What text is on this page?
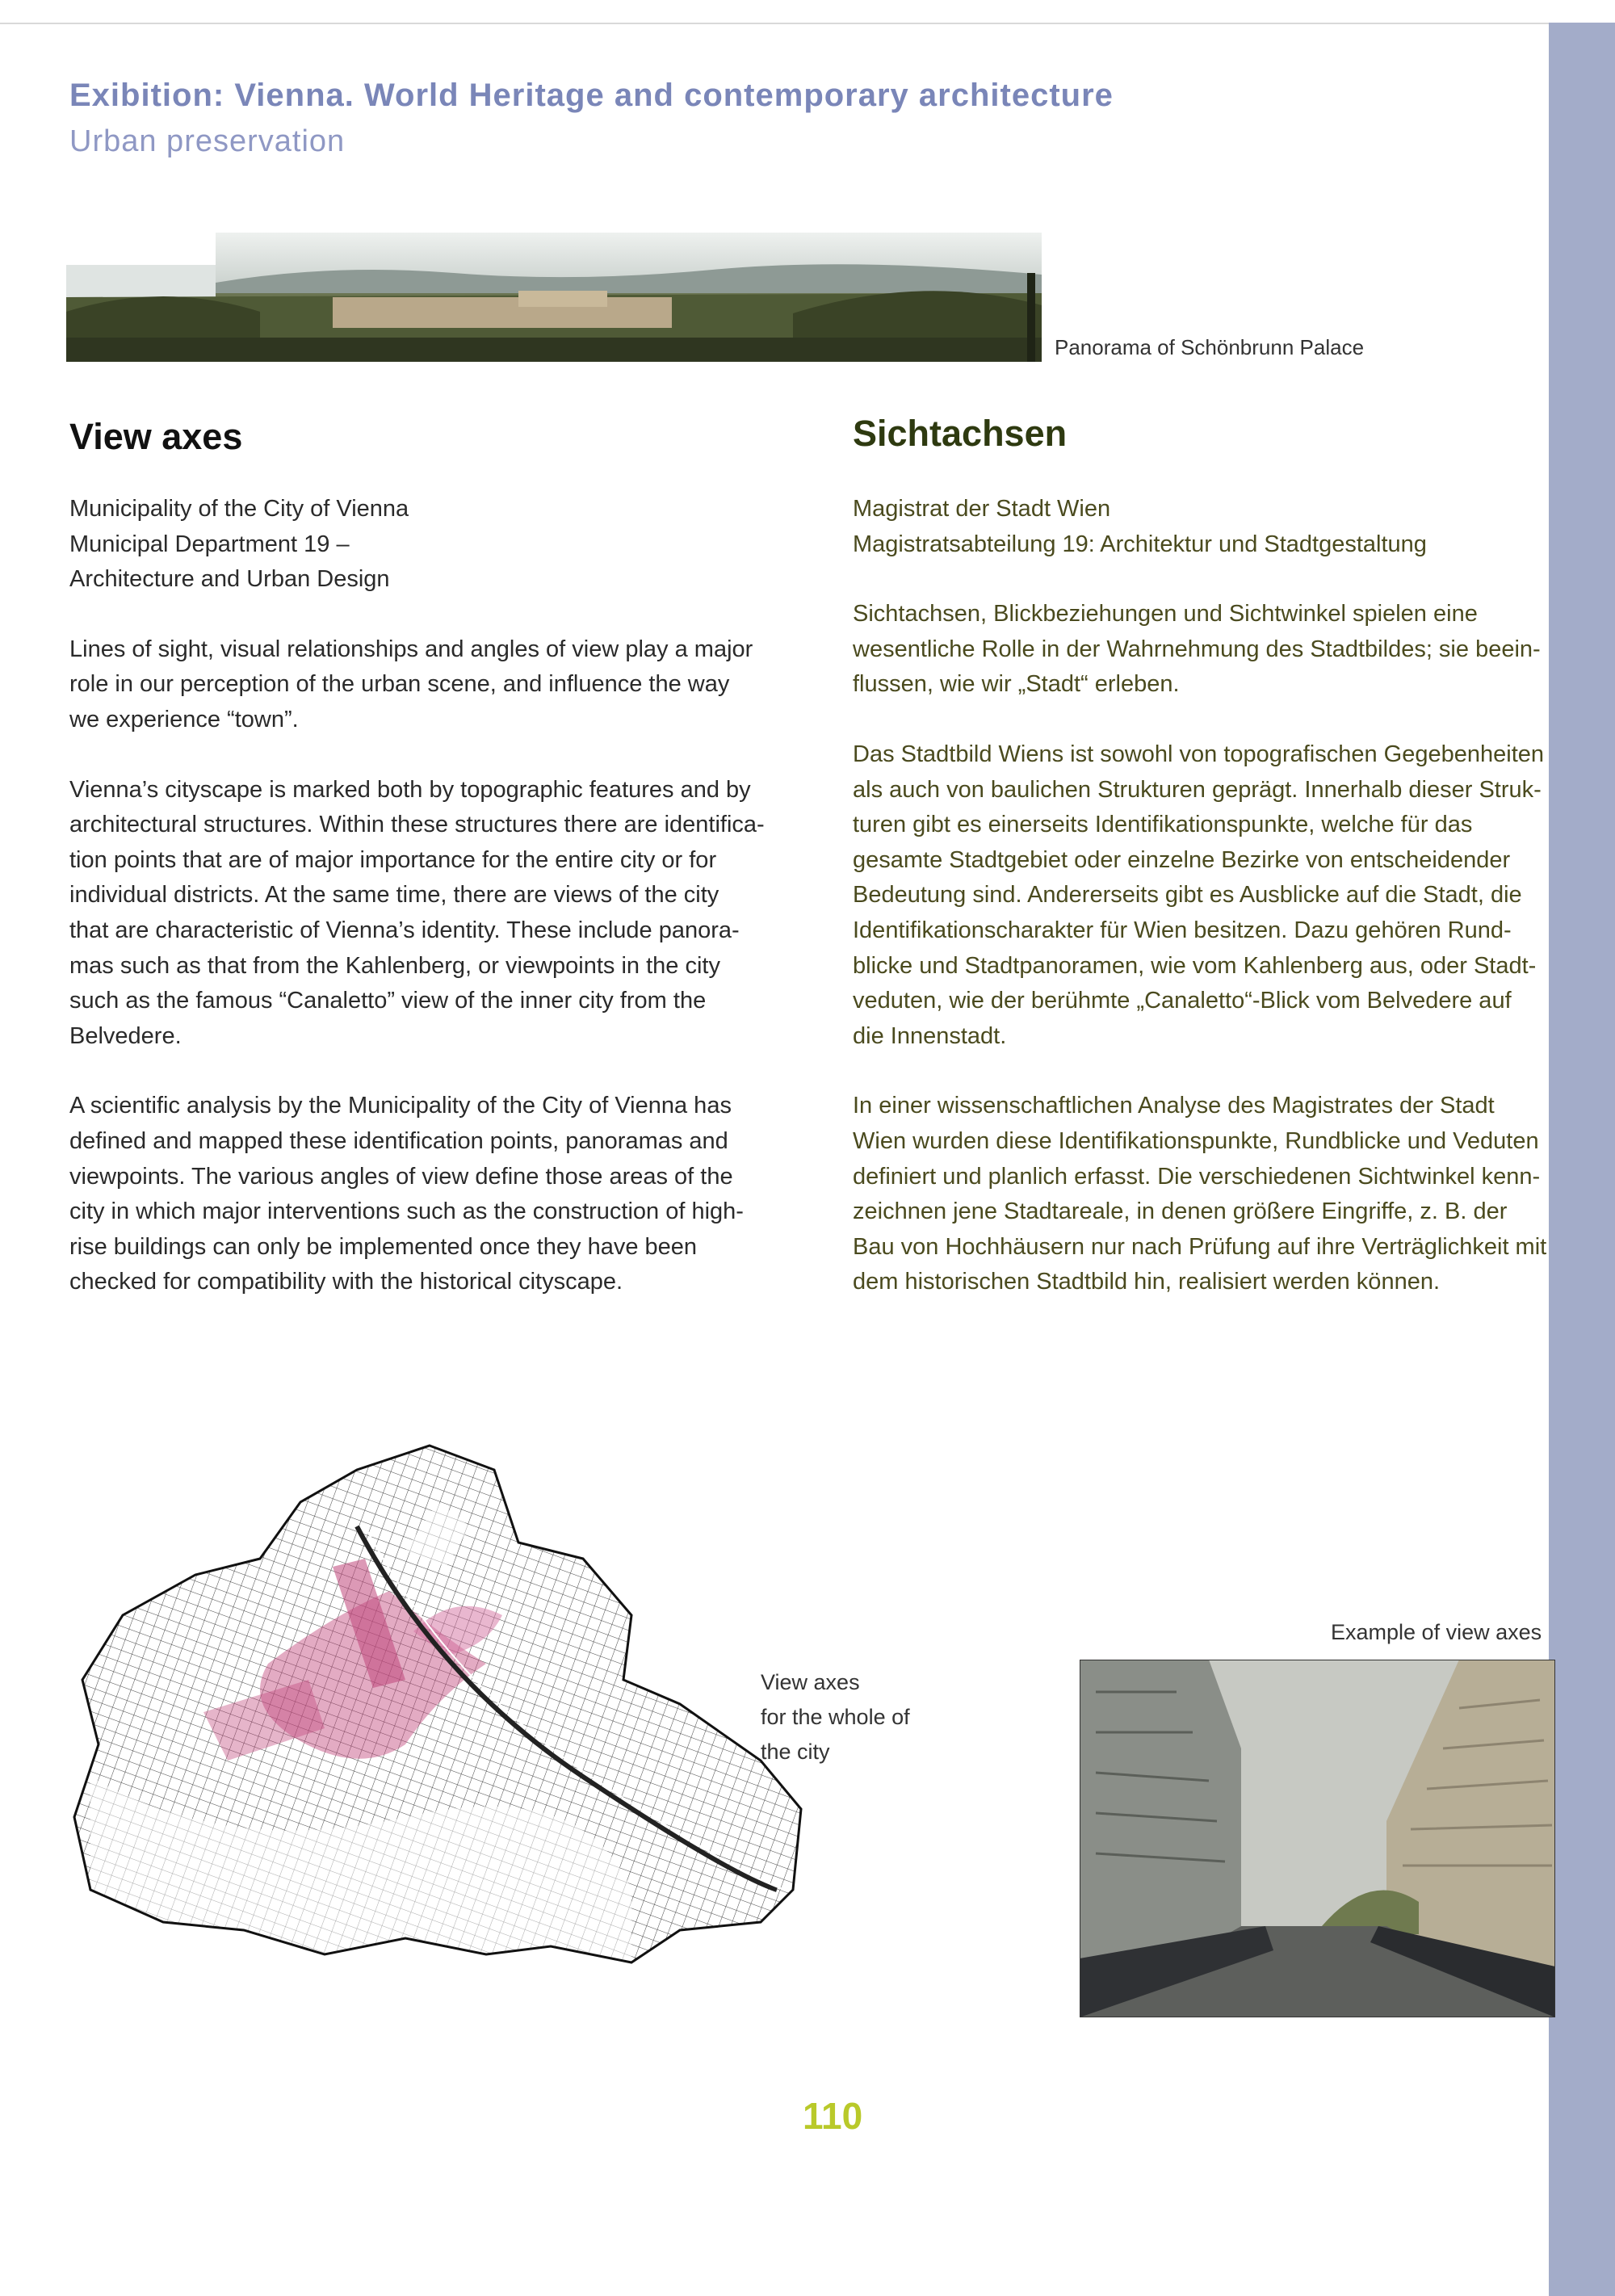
Exibition: Vienna. World Heritage and contemporary architecture
Urban preservation
Panorama of Schönbrunn Palace
View axes	Sichtachsen

Municipality of the City of Vienna
Municipal Department 19 –
Architecture and Urban Design

Lines of sight, visual relationships and angles of view play a major
role in our perception of the urban scene, and influence the way
we experience “town”.

Vienna’s cityscape is marked both by topographic features and by
architectural structures. Within these structures there are identifica-
tion points that are of major importance for the entire city or for
individual districts. At the same time, there are views of the city
that are characteristic of Vienna’s identity. These include panora-
mas such as that from the Kahlenberg, or viewpoints in the city
such as the famous “Canaletto” view of the inner city from the
Belvedere.

A scientific analysis by the Municipality of the City of Vienna has
defined and mapped these identification points, panoramas and
viewpoints. The various angles of view define those areas of the
city in which major interventions such as the construction of high-
rise buildings can only be implemented once they have been
checked for compatibility with the historical cityscape.

Magistrat der Stadt Wien
Magistratsabteilung 19: Architektur und Stadtgestaltung

Sichtachsen, Blickbeziehungen und Sichtwinkel spielen eine
wesentliche Rolle in der Wahrnehmung des Stadtbildes; sie beein-
flussen, wie wir „Stadt“ erleben.

Das Stadtbild Wiens ist sowohl von topografischen Gegebenheiten
als auch von baulichen Strukturen geprägt. Innerhalb dieser Struk-
turen gibt es einerseits Identifikationspunkte, welche für das
gesamte Stadtgebiet oder einzelne Bezirke von entscheidender
Bedeutung sind. Andererseits gibt es Ausblicke auf die Stadt, die
Identifikationscharakter für Wien besitzen. Dazu gehören Rund-
blicke und Stadtpanoramen, wie vom Kahlenberg aus, oder Stadt-
veduten, wie der berühmte „Canaletto“-Blick vom Belvedere auf
die Innenstadt.

In einer wissenschaftlichen Analyse des Magistrates der Stadt
Wien wurden diese Identifikationspunkte, Rundblicke und Veduten
definiert und planlich erfasst. Die verschiedenen Sichtwinkel kenn-
zeichnen jene Stadtareale, in denen größere Eingriffe, z. B. der
Bau von Hochhäusern nur nach Prüfung auf ihre Verträglichkeit mit
dem historischen Stadtbild hin, realisiert werden können.

View axes
for the whole of
the city
Example of view axes
110
